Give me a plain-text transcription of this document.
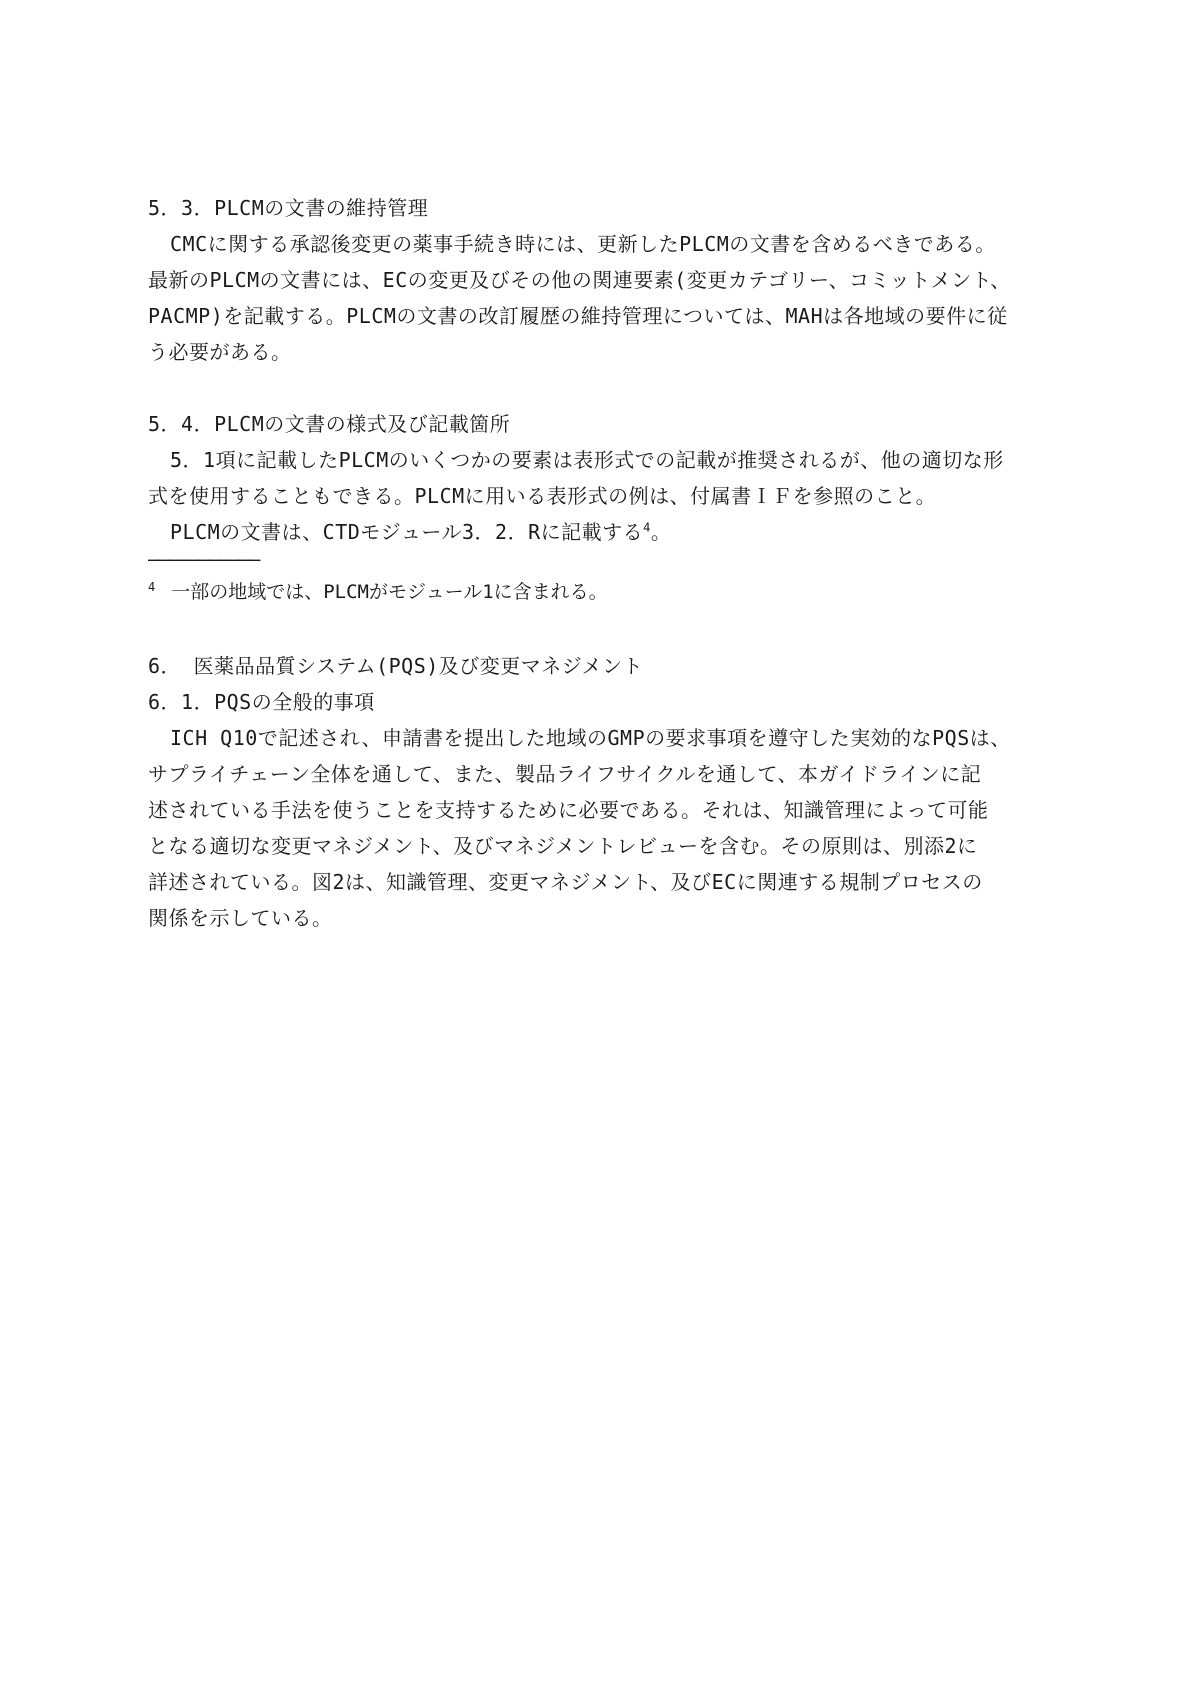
5．3．PLCMの文書の維持管理
CMCに関する承認後変更の薬事手続き時には、更新したPLCMの文書を含めるべきである。
最新のPLCMの文書には、ECの変更及びその他の関連要素(変更カテゴリー、コミットメント、
PACMP)を記載する。PLCMの文書の改訂履歴の維持管理については、MAHは各地域の要件に従
う必要がある。
5．4．PLCMの文書の様式及び記載箇所
5．1項に記載したPLCMのいくつかの要素は表形式での記載が推奨されるが、他の適切な形
式を使用することもできる。PLCMに用いる表形式の例は、付属書ＩＦを参照のこと。
PLCMの文書は、CTDモジュール3．2．Rに記載する$^4$。
―――――――――――
$^4$ 一部の地域では、PLCMがモジュール1に含まれる。
6． 医薬品品質システム(PQS)及び変更マネジメント
6．1．PQSの全般的事項
ICH Q10で記述され、申請書を提出した地域のGMPの要求事項を遵守した実効的なPQSは、
サプライチェーン全体を通して、また、製品ライフサイクルを通して、本ガイドラインに記
述されている手法を使うことを支持するために必要である。それは、知識管理によって可能
となる適切な変更マネジメント、及びマネジメントレビューを含む。その原則は、別添2に
詳述されている。図2は、知識管理、変更マネジメント、及びECに関連する規制プロセスの
関係を示している。
